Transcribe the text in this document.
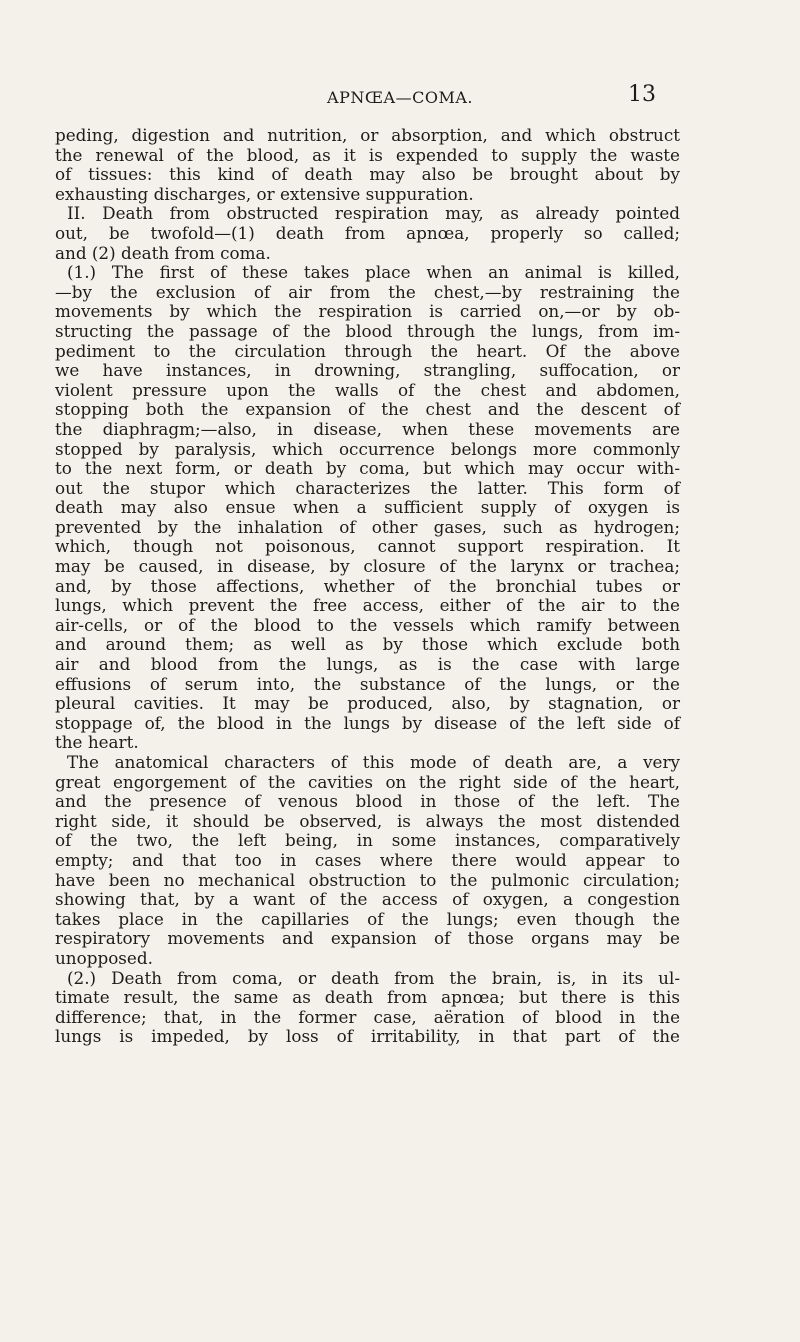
APNŒA—COMA.	13
peding, digestion and nutrition, or absorption, and which obstruct
the renewal of the blood, as it is expended to supply the waste
of tissues: this kind of death may also be brought about by
exhausting discharges, or extensive suppuration.
II. Death from obstructed respiration may, as already pointed
out, be twofold—(1) death from apnœa, properly so called;
and (2) death from coma.
(1.) The first of these takes place when an animal is killed,
—by the exclusion of air from the chest,—by restraining the
movements by which the respiration is carried on,—or by ob-
structing the passage of the blood through the lungs, from im-
pediment to the circulation through the heart. Of the above
we have instances, in drowning, strangling, suffocation, or
violent pressure upon the walls of the chest and abdomen,
stopping both the expansion of the chest and the descent of
the diaphragm;—also, in disease, when these movements are
stopped by paralysis, which occurrence belongs more commonly
to the next form, or death by coma, but which may occur with-
out the stupor which characterizes the latter. This form of
death may also ensue when a sufficient supply of oxygen is
prevented by the inhalation of other gases, such as hydrogen;
which, though not poisonous, cannot support respiration. It
may be caused, in disease, by closure of the larynx or trachea;
and, by those affections, whether of the bronchial tubes or
lungs, which prevent the free access, either of the air to the
air-cells, or of the blood to the vessels which ramify between
and around them; as well as by those which exclude both
air and blood from the lungs, as is the case with large
effusions of serum into, the substance of the lungs, or the
pleural cavities. It may be produced, also, by stagnation, or
stoppage of, the blood in the lungs by disease of the left side of
the heart.
The anatomical characters of this mode of death are, a very
great engorgement of the cavities on the right side of the heart,
and the presence of venous blood in those of the left. The
right side, it should be observed, is always the most distended
of the two, the left being, in some instances, comparatively
empty; and that too in cases where there would appear to
have been no mechanical obstruction to the pulmonic circulation;
showing that, by a want of the access of oxygen, a congestion
takes place in the capillaries of the lungs; even though the
respiratory movements and expansion of those organs may be
unopposed.
(2.) Death from coma, or death from the brain, is, in its ul-
timate result, the same as death from apnœa; but there is this
difference; that, in the former case, aëration of blood in the
lungs is impeded, by loss of irritability, in that part of the
